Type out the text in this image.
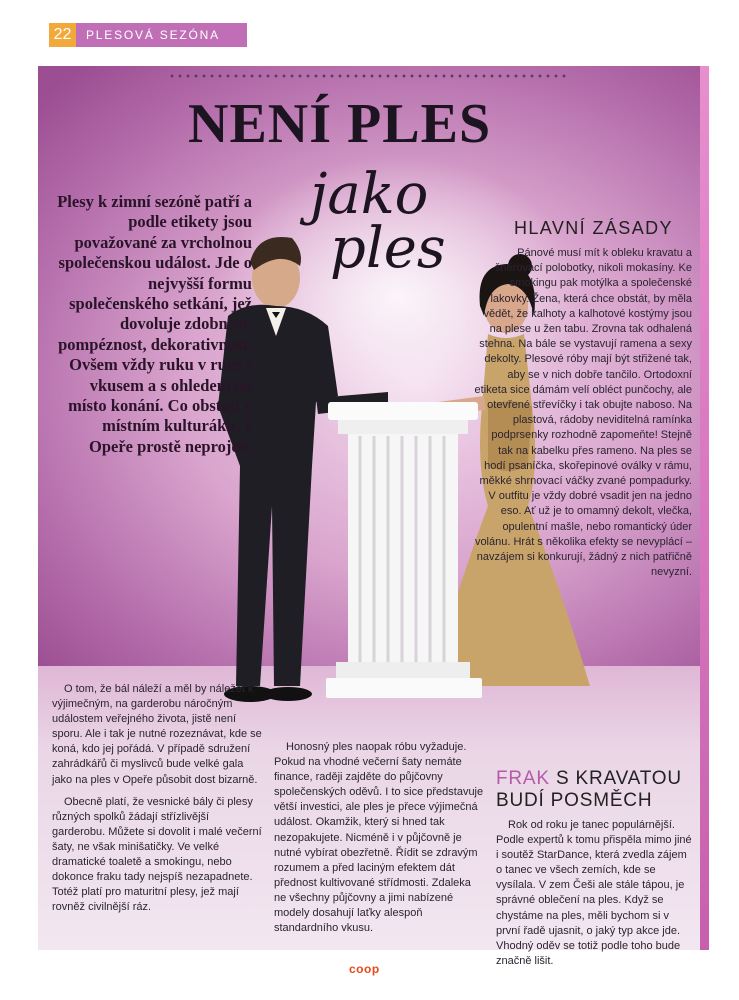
22	PLESOVÁ SEZÓNA
NENÍ PLES
jako
ples
Plesy k zimní sezóně patří a podle etikety jsou považované za vrcholnou společenskou událost. Jde o nejvyšší formu společenského setkání, jež dovoluje zdobnost, pompéznost, dekorativnost. Ovšem vždy ruku v ruce s vkusem a s ohledem na místo konání. Co obstojí v místním kulturáku, v Opeře prostě neprojde.
HLAVNÍ ZÁSADY
Pánové musí mít k obleku kravatu a šněrovací polobotky, nikoli mokasíny. Ke smokingu pak motýlka a společenské lakovky. Žena, která chce obstát, by měla vědět, že kalhoty a kalhotové kostýmy jsou na plese u žen tabu. Zrovna tak odhalená stehna. Na bále se vystavují ramena a sexy dekolty. Plesové róby mají být střižené tak, aby se v nich dobře tančilo. Ortodoxní etiketa sice dámám velí obléct punčochy, ale otevřené střevíčky i tak obujte naboso. Na plastová, rádoby neviditelná ramínka podprsenky rozhodně zapomeňte! Stejně tak na kabelku přes rameno. Na ples se hodí psaníčka, skořepinové oválky v rámu, měkké shrnovací váčky zvané pompadurky. V outfitu je vždy dobré vsadit jen na jedno eso. Ať už je to omamný dekolt, vlečka, opulentní mašle, nebo romantický úder volánu. Hrát s několika efekty se nevyplácí – navzájem si konkurují, žádný z nich patřičně nevyzní.

O tom, že bál náleží a měl by náležet k výjimečným, na garderobu náročným událostem veřejného života, jistě není sporu. Ale i tak je nutné rozeznávat, kde se koná, kdo jej pořádá. V případě sdružení zahrádkářů či myslivců bude velké gala jako na ples v Opeře působit dost bizarně.

Obecně platí, že vesnické bály či plesy různých spolků žádají střízlivější garderobu. Můžete si dovolit i malé večerní šaty, ne však minišatičky. Ve velké dramatické toaletě a smokingu, nebo dokonce fraku tady nejspíš nezapadnete. Totéž platí pro maturitní plesy, jež mají rovněž civilnější ráz.

Honosný ples naopak róbu vyžaduje. Pokud na vhodné večerní šaty nemáte finance, raději zajděte do půjčovny společenských oděvů. I to sice představuje větší investici, ale ples je přece výjimečná událost. Okamžik, který si hned tak nezopakujete. Nicméně i v půjčovně je nutné vybírat obezřetně. Řídit se zdravým rozumem a před laciným efektem dát přednost kultivované střídmosti. Zdaleka ne všechny půjčovny a jimi nabízené modely dosahují laťky alespoň standardního vkusu.

FRAK S KRAVATOU BUDÍ POSMĚCH

Rok od roku je tanec populárnější. Podle expertů k tomu přispěla mimo jiné i soutěž StarDance, která zvedla zájem o tanec ve všech zemích, kde se vysílala. V zem Češi ale stále tápou, je správné oblečení na ples. Když se chystáme na ples, měli bychom si v první řadě ujasnit, o jaký typ akce jde. Vhodný oděv se totiž podle toho bude značně lišit.

coop
